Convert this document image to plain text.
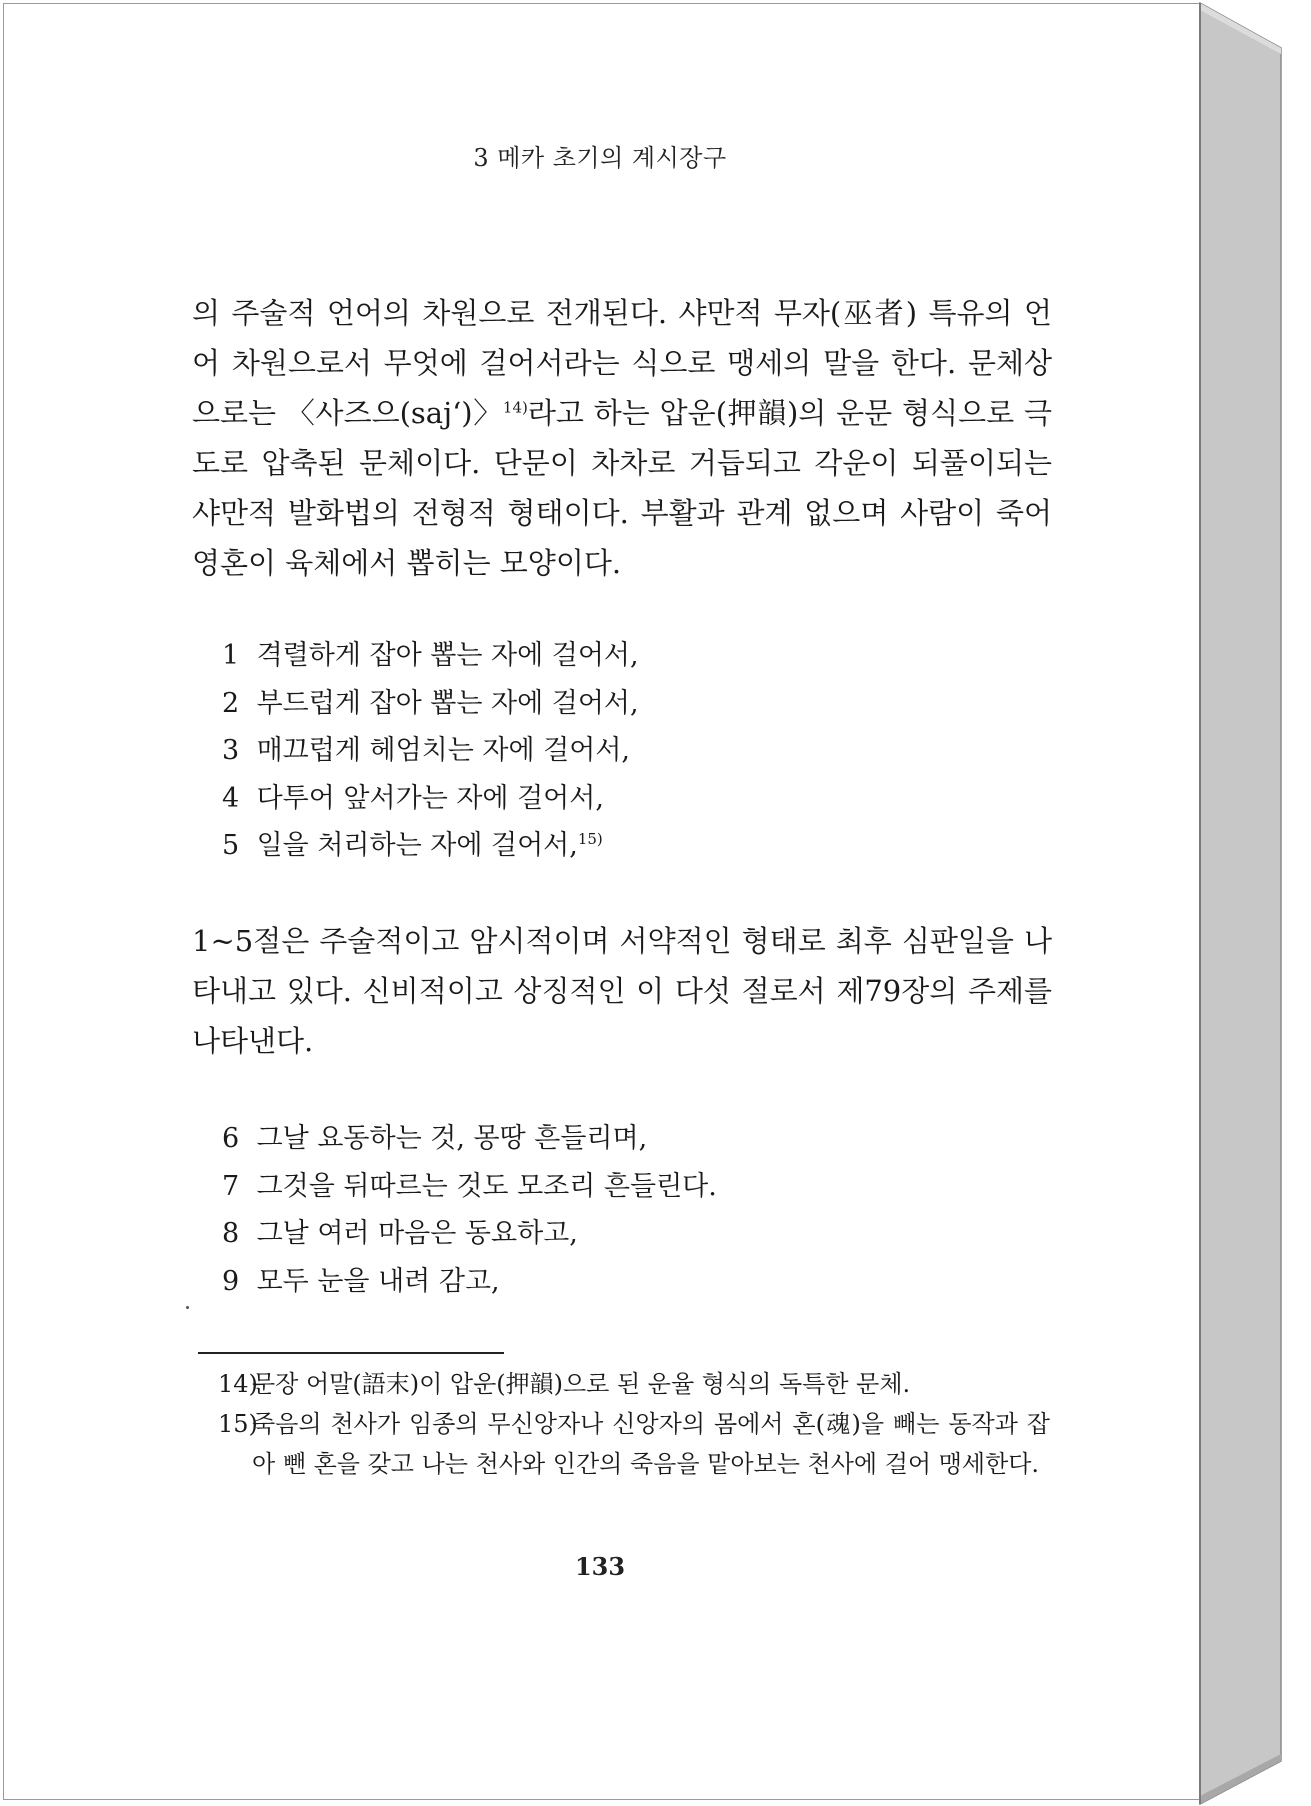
3 메카 초기의 계시장구

의 주술적 언어의 차원으로 전개된다. 샤만적 무자(巫者) 특유의 언어 차원으로서 무엇에 걸어서라는 식으로 맹세의 말을 한다. 문체상으로는 〈사즈으(saj‘)〉$^{14)}$라고 하는 압운(押韻)의 운문 형식으로 극도로 압축된 문체이다. 단문이 차차로 거듭되고 각운이 되풀이되는 샤만적 발화법의 전형적 형태이다. 부활과 관계 없으며 사람이 죽어 영혼이 육체에서 뽑히는 모양이다.

1 격렬하게 잡아 뽑는 자에 걸어서,
2 부드럽게 잡아 뽑는 자에 걸어서,
3 매끄럽게 헤엄치는 자에 걸어서,
4 다투어 앞서가는 자에 걸어서,
5 일을 처리하는 자에 걸어서,$^{15)}$

1~5절은 주술적이고 암시적이며 서약적인 형태로 최후 심판일을 나타내고 있다. 신비적이고 상징적인 이 다섯 절로서 제79장의 주제를 나타낸다.

6 그날 요동하는 것, 몽땅 흔들리며,
7 그것을 뒤따르는 것도 모조리 흔들린다.
8 그날 여러 마음은 동요하고,
9 모두 눈을 내려 감고,
14)문장 어말(語末)이 압운(押韻)으로 된 운율 형식의 독특한 문체.
15)죽음의 천사가 임종의 무신앙자나 신앙자의 몸에서 혼(魂)을 빼는 동작과 잡아 뺀 혼을 갖고 나는 천사와 인간의 죽음을 맡아보는 천사에 걸어 맹세한다.
133
